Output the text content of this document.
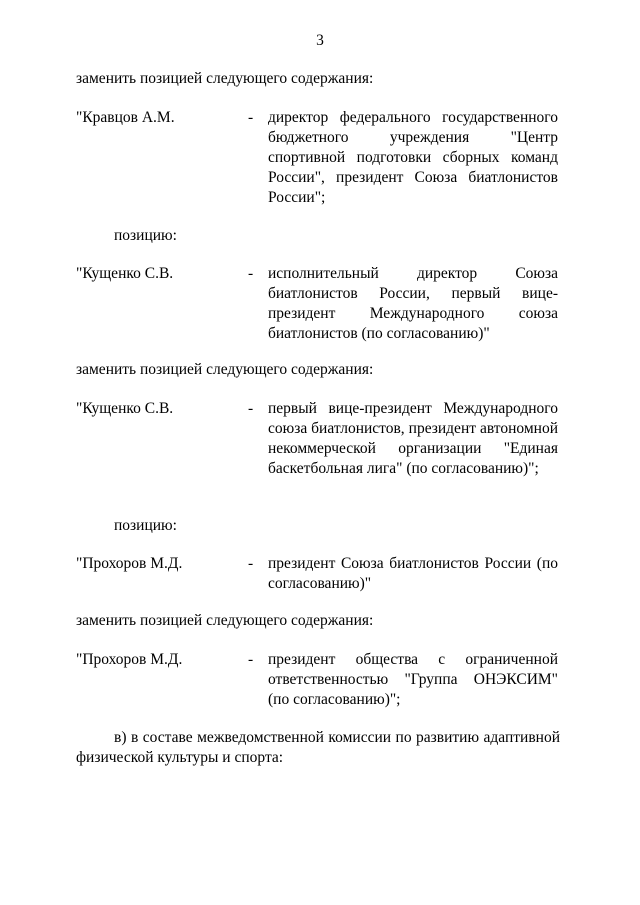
3
заменить позицией следующего содержания:
"Кравцов А.М.	- директор федерального государственного бюджетного учреждения "Центр спортивной подготовки сборных команд России", президент Союза биатлонистов России";
позицию:
"Кущенко С.В.	- исполнительный директор Союза биатлонистов России, первый вице-президент Международного союза биатлонистов (по согласованию)"
заменить позицией следующего содержания:
"Кущенко С.В.	- первый вице-президент Международного союза биатлонистов, президент автономной некоммерческой организации "Единая баскетбольная лига" (по согласованию)";
позицию:
"Прохоров М.Д.	- президент Союза биатлонистов России (по согласованию)"
заменить позицией следующего содержания:
"Прохоров М.Д.	- президент общества с ограниченной ответственностью "Группа ОНЭКСИМ" (по согласованию)";
в) в составе межведомственной комиссии по развитию адаптивной физической культуры и спорта:
